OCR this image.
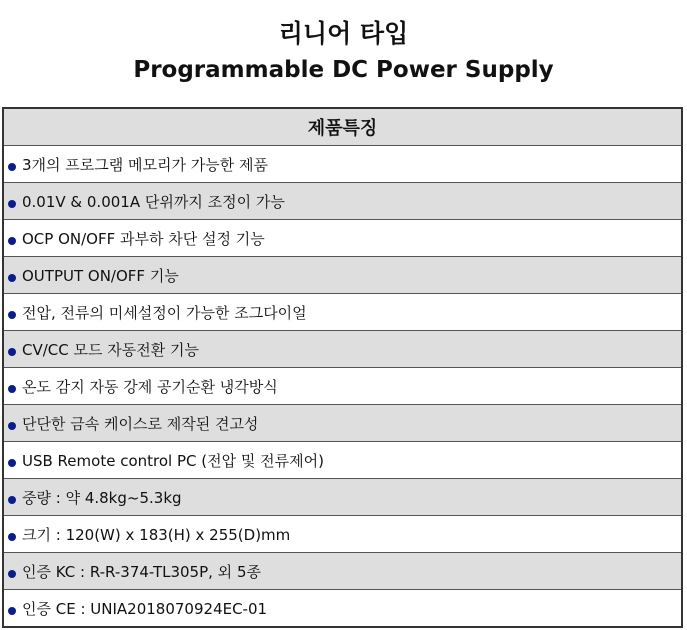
리니어 타입
Programmable DC Power Supply
제품특징
3개의 프로그램 메모리가 가능한 제품
0.01V & 0.001A 단위까지 조정이 가능
OCP ON/OFF 과부하 차단 설정 기능
OUTPUT ON/OFF 기능
전압, 전류의 미세설정이 가능한 조그다이얼
CV/CC 모드 자동전환 기능
온도 감지 자동 강제 공기순환 냉각방식
단단한 금속 케이스로 제작된 견고성
USB Remote control PC (전압 및 전류제어)
중량 : 약 4.8kg~5.3kg
크기 : 120(W) x 183(H) x 255(D)mm
인증 KC : R-R-374-TL305P, 외 5종
인증 CE : UNIA2018070924EC-01
